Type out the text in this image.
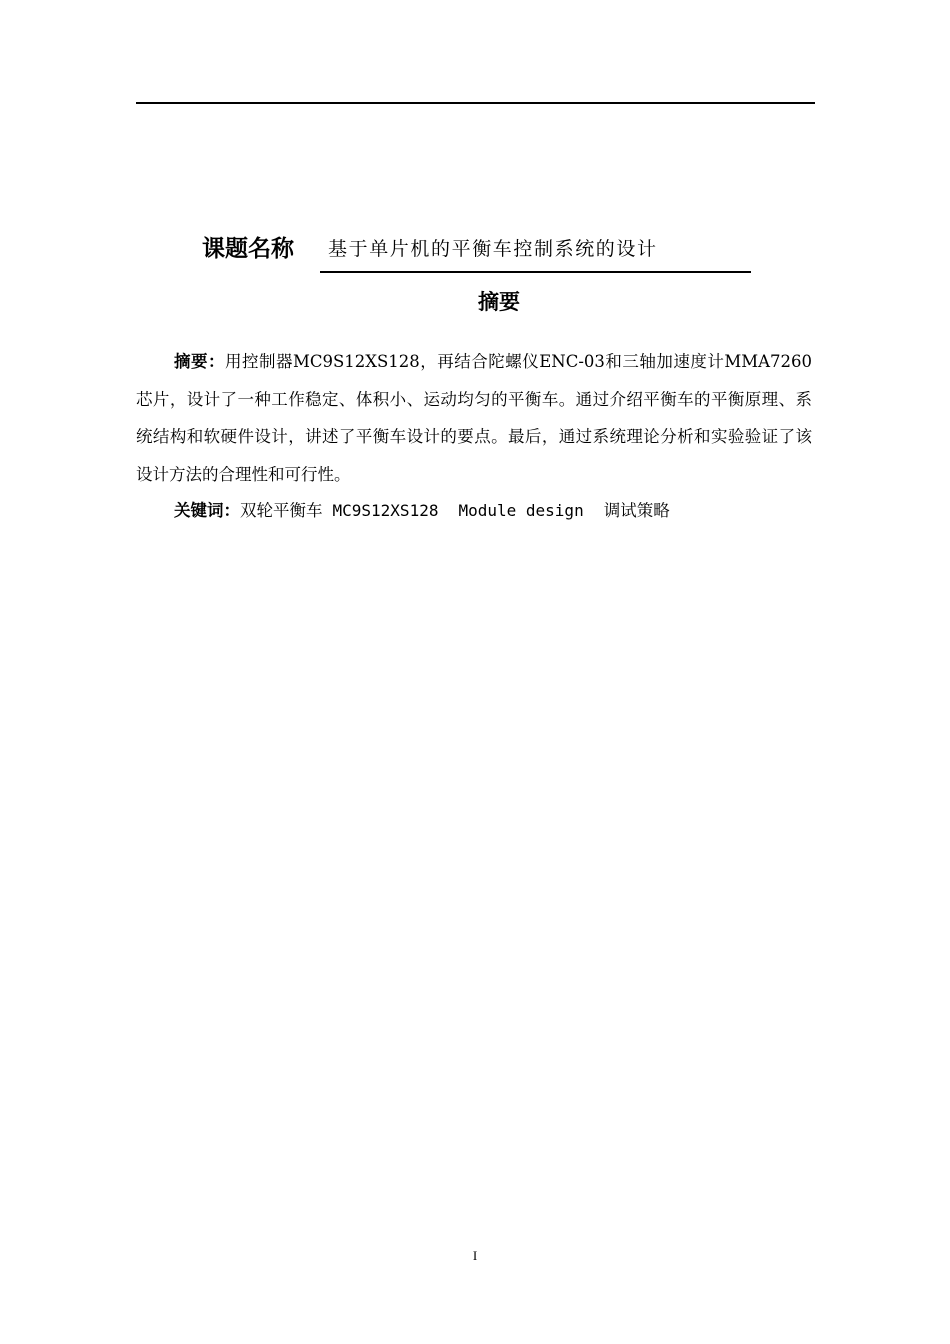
课题名称 基于单片机的平衡车控制系统的设计
摘要
摘要：用控制器MC9S12XS128，再结合陀螺仪ENC-03和三轴加速度计MMA7260芯片，设计了一种工作稳定、体积小、运动均匀的平衡车。通过介绍平衡车的平衡原理、系统结构和软硬件设计，讲述了平衡车设计的要点。最后，通过系统理论分析和实验验证了该设计方法的合理性和可行性。
关键词：双轮平衡车 MC9S12XS128 Module design 调试策略
I
